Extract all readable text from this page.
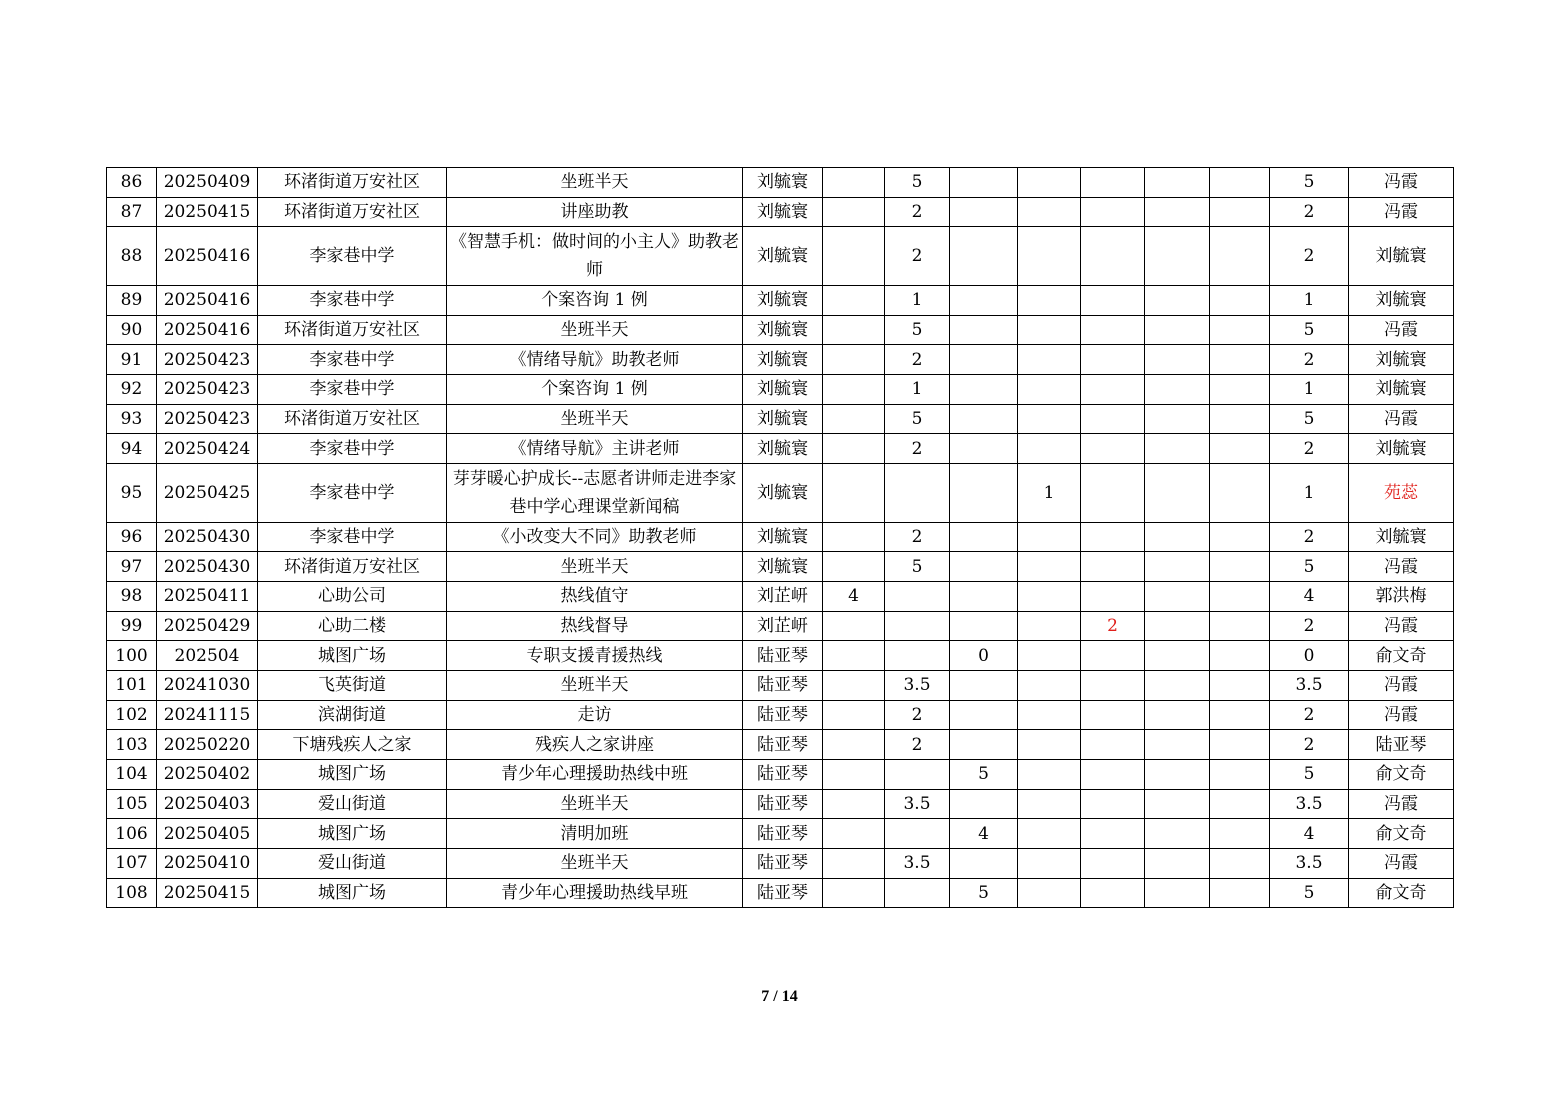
86	20250409	环渚街道万安社区	坐班半天	刘毓寰		5						5	冯霞
87	20250415	环渚街道万安社区	讲座助教	刘毓寰		2						2	冯霞
88	20250416	李家巷中学	《智慧手机：做时间的小主人》助教老师	刘毓寰		2						2	刘毓寰
89	20250416	李家巷中学	个案咨询 1 例	刘毓寰		1						1	刘毓寰
90	20250416	环渚街道万安社区	坐班半天	刘毓寰		5						5	冯霞
91	20250423	李家巷中学	《情绪导航》助教老师	刘毓寰		2						2	刘毓寰
92	20250423	李家巷中学	个案咨询 1 例	刘毓寰		1						1	刘毓寰
93	20250423	环渚街道万安社区	坐班半天	刘毓寰		5						5	冯霞
94	20250424	李家巷中学	《情绪导航》主讲老师	刘毓寰		2						2	刘毓寰
95	20250425	李家巷中学	芽芽暖心护成长--志愿者讲师走进李家巷中学心理课堂新闻稿	刘毓寰				1				1	苑蕊
96	20250430	李家巷中学	《小改变大不同》助教老师	刘毓寰		2						2	刘毓寰
97	20250430	环渚街道万安社区	坐班半天	刘毓寰		5						5	冯霞
98	20250411	心助公司	热线值守	刘芷岍	4							4	郭洪梅
99	20250429	心助二楼	热线督导	刘芷岍					2			2	冯霞
100	202504	城图广场	专职支援青援热线	陆亚琴			0					0	俞文奇
101	20241030	飞英街道	坐班半天	陆亚琴		3.5						3.5	冯霞
102	20241115	滨湖街道	走访	陆亚琴		2						2	冯霞
103	20250220	下塘残疾人之家	残疾人之家讲座	陆亚琴		2						2	陆亚琴
104	20250402	城图广场	青少年心理援助热线中班	陆亚琴			5					5	俞文奇
105	20250403	爱山街道	坐班半天	陆亚琴		3.5						3.5	冯霞
106	20250405	城图广场	清明加班	陆亚琴			4					4	俞文奇
107	20250410	爱山街道	坐班半天	陆亚琴		3.5						3.5	冯霞
108	20250415	城图广场	青少年心理援助热线早班	陆亚琴			5					5	俞文奇
7 / 14
